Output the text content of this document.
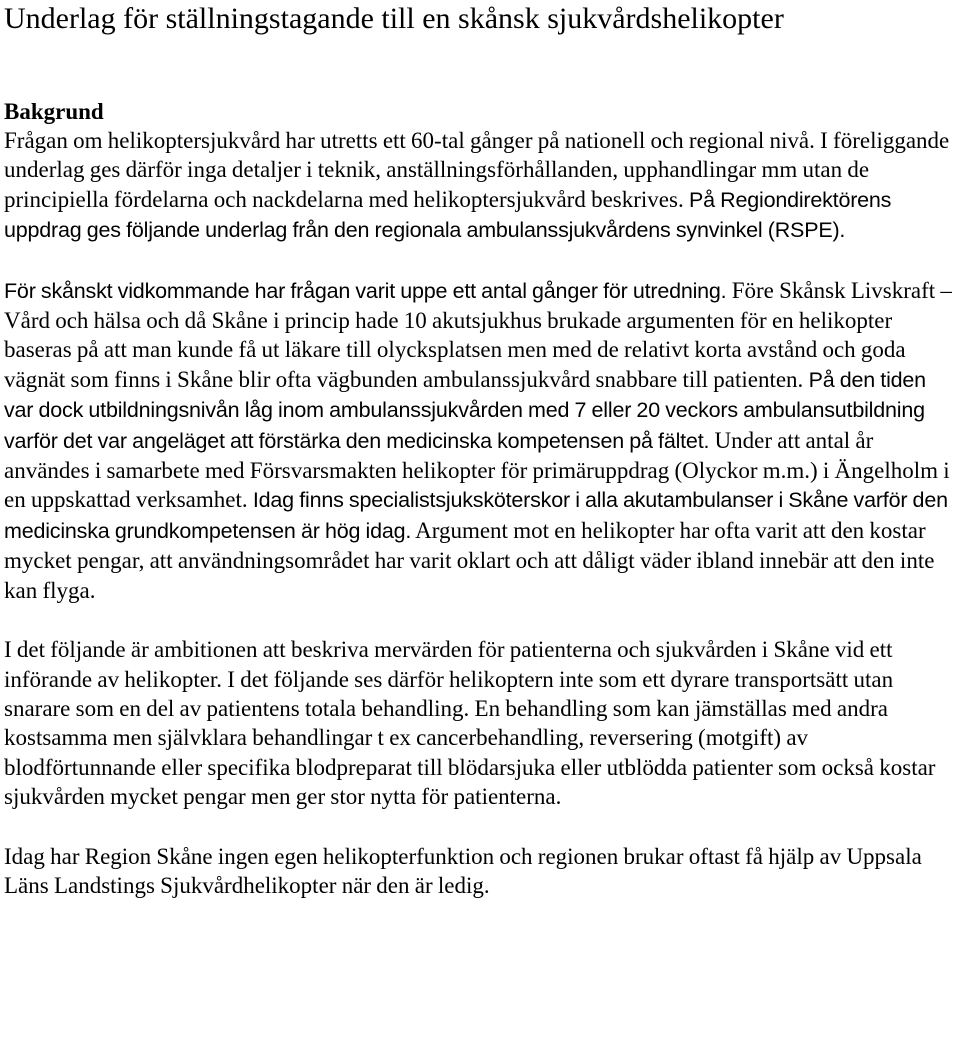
Underlag för ställningstagande till en skånsk sjukvårdshelikopter
Bakgrund

Frågan om helikoptersjukvård har utretts ett 60-tal gånger på nationell och regional nivå. I föreliggande underlag ges därför inga detaljer i teknik, anställningsförhållanden, upphandlingar mm utan de principiella fördelarna och nackdelarna med helikoptersjukvård beskrives. På Regiondirektörens uppdrag ges följande underlag från den regionala ambulanssjukvårdens synvinkel (RSPE).

För skånskt vidkommande har frågan varit uppe ett antal gånger för utredning. Före Skånsk Livskraft – Vård och hälsa och då Skåne i princip hade 10 akutsjukhus brukade argumenten för en helikopter baseras på att man kunde få ut läkare till olycksplatsen men med de relativt korta avstånd och goda vägnät som finns i Skåne blir ofta vägbunden ambulanssjukvård snabbare till patienten. På den tiden var dock utbildningsnivån låg inom ambulanssjukvården med 7 eller 20 veckors ambulansutbildning varför det var angeläget att förstärka den medicinska kompetensen på fältet. Under att antal år användes i samarbete med Försvarsmakten helikopter för primäruppdrag (Olyckor m.m.) i Ängelholm i en uppskattad verksamhet. Idag finns specialistsjuksköterskor i alla akutambulanser i Skåne varför den medicinska grundkompetensen är hög idag. Argument mot en helikopter har ofta varit att den kostar mycket pengar, att användningsområdet har varit oklart och att dåligt väder ibland innebär att den inte kan flyga.

I det följande är ambitionen att beskriva mervärden för patienterna och sjukvården i Skåne vid ett införande av helikopter. I det följande ses därför helikoptern inte som ett dyrare transportsätt utan snarare som en del av patientens totala behandling. En behandling som kan jämställas med andra kostsamma men självklara behandlingar t ex cancerbehandling, reversering (motgift) av blodförtunnande eller specifika blodpreparat till blödarsjuka eller utblödda patienter som också kostar sjukvården mycket pengar men ger stor nytta för patienterna.

Idag har Region Skåne ingen egen helikopterfunktion och regionen brukar oftast få hjälp av Uppsala Läns Landstings Sjukvårdhelikopter när den är ledig.
